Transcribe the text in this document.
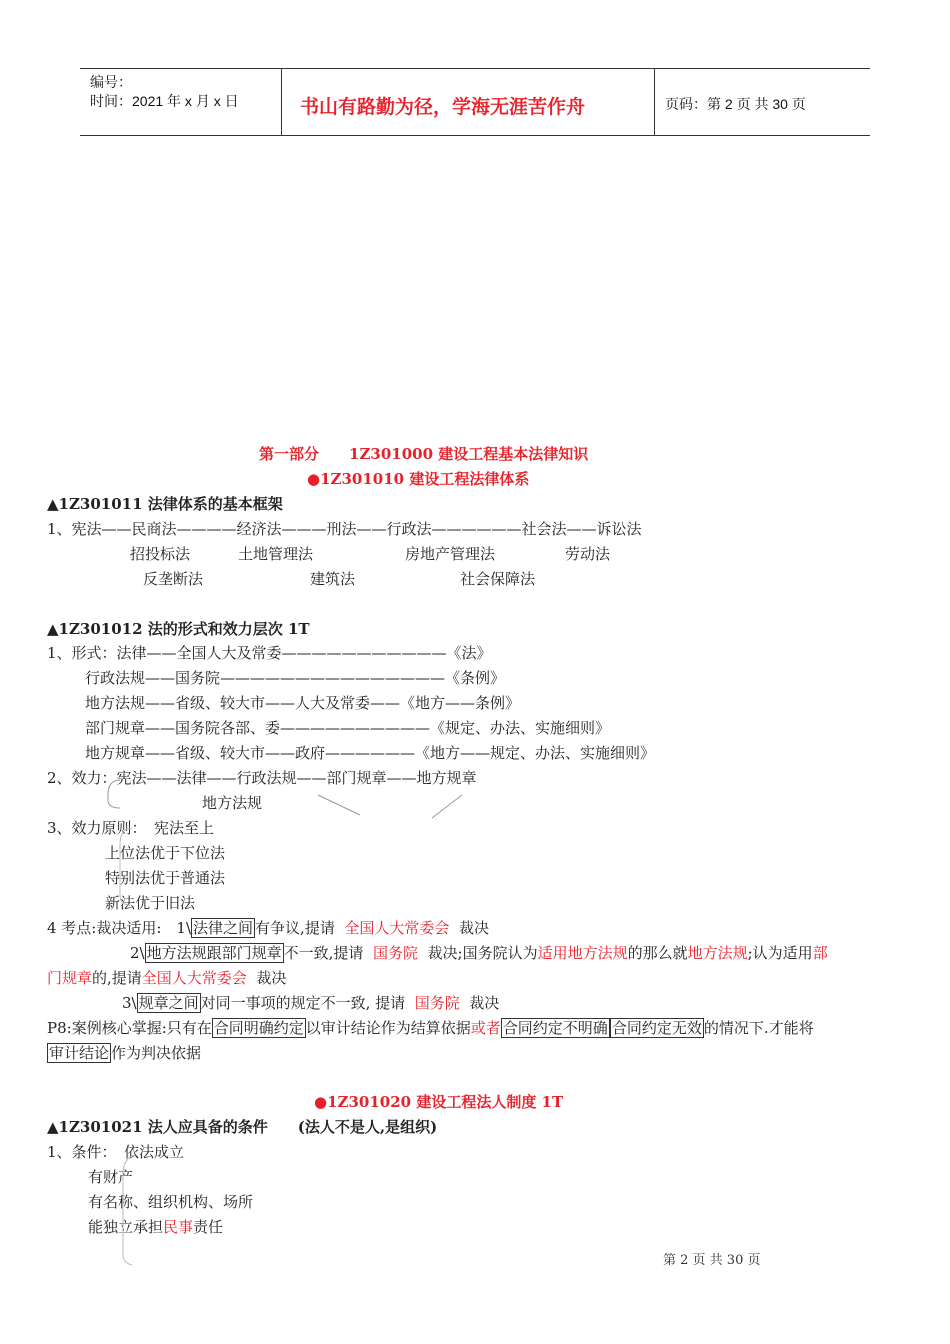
编号：
时间：2021 年 x 月 x 日	书山有路勤为径，学海无涯苦作舟	页码：第 2 页 共 30 页
第一部分　　1Z301000 建设工程基本法律知识
●1Z301010 建设工程法律体系
▲1Z301011 法律体系的基本框架
1、宪法——民商法————经济法———刑法——行政法——————社会法——诉讼法
招投标法	土地管理法	房地产管理法	劳动法
反垄断法	建筑法	社会保障法
▲1Z301012 法的形式和效力层次 1T
1、形式：法律——全国人大及常委———————————《法》
行政法规——国务院———————————————《条例》
地方法规——省级、较大市——人大及常委——《地方——条例》
部门规章——国务院各部、委——————————《规定、办法、实施细则》
地方规章——省级、较大市——政府——————《地方——规定、办法、实施细则》
2、效力：宪法——法律——行政法规——部门规章——地方规章
地方法规
3、效力原则：　宪法至上
上位法优于下位法
特别法优于普通法
新法优于旧法
4 考点:裁决适用:　1\ 法律之间 有争议,提请 全国人大常委会 裁决
2\ 地方法规跟部门规章 不一致,提请 国务院 裁决;国务院认为适用地方法规的那么就地方法规;认为适用部
门规章的,提请全国人大常委会 裁决
3\ 规章之间 对同一事项的规定不一致, 提请 国务院 裁决
P8:案例核心掌握:只有在 合同明确约定 以审计结论作为结算依据或者 合同约定不明确 合同约定无效 的情况下.才能将
审计结论 作为判决依据
●1Z301020 建设工程法人制度 1T
▲1Z301021 法人应具备的条件　　(法人不是人,是组织)
1、条件：　依法成立
有财产
有名称、组织机构、场所
能独立承担民事责任
第 2 页 共 30 页
